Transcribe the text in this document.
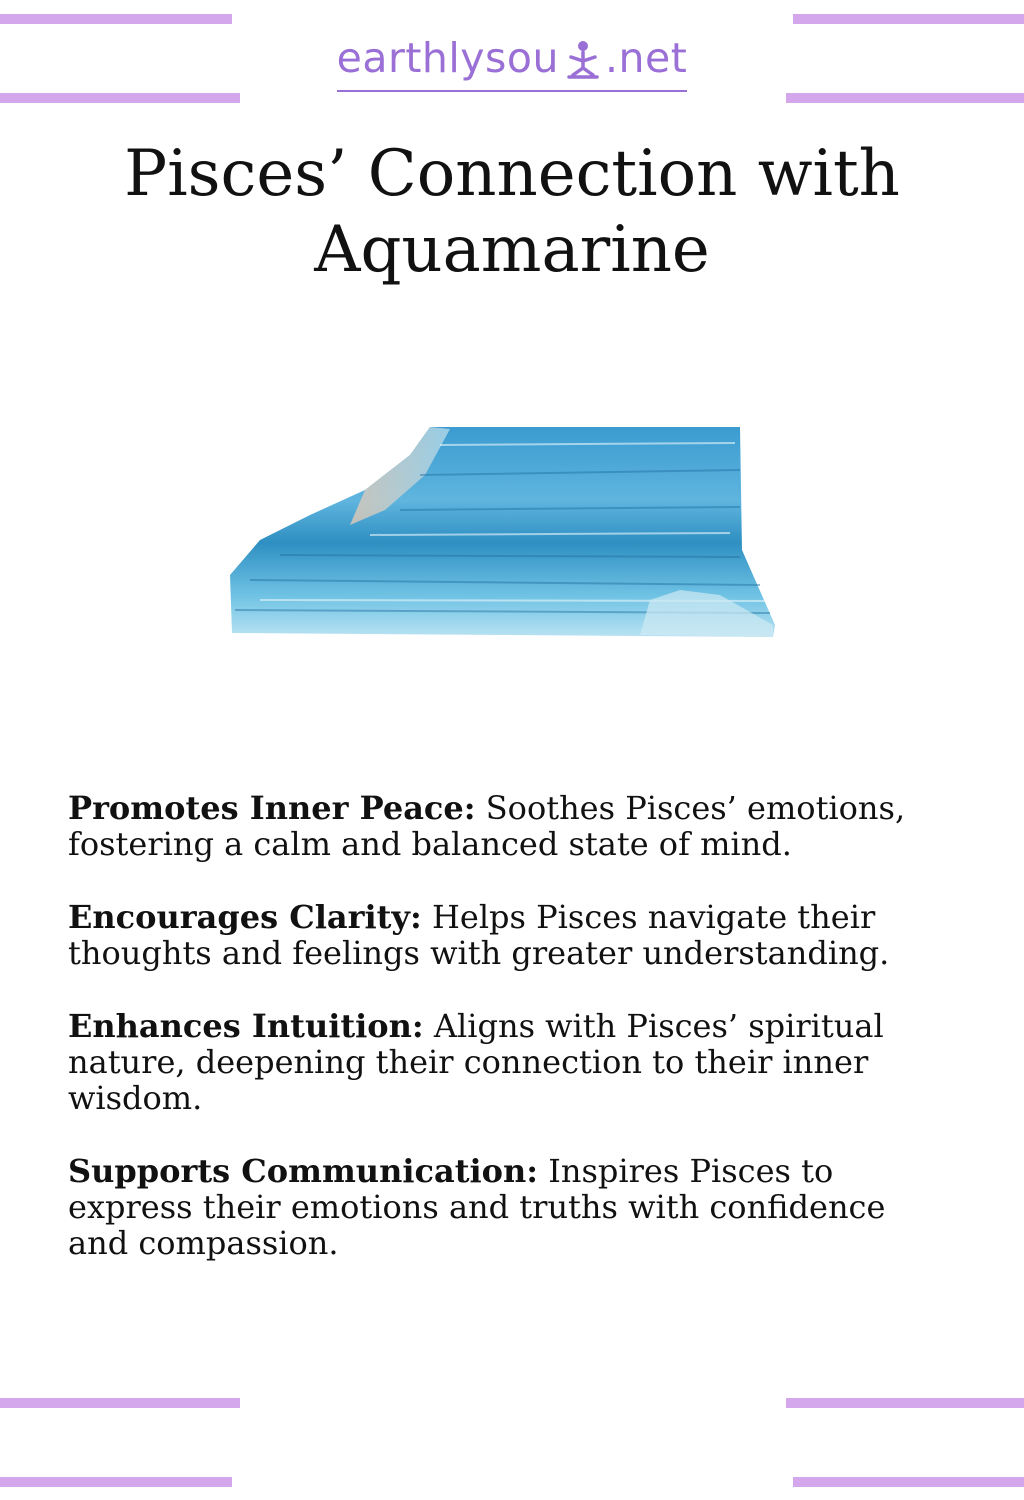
earthlysou .net
Pisces’ Connection with Aquamarine

Promotes Inner Peace: Soothes Pisces’ emotions, fostering a calm and balanced state of mind.

Encourages Clarity: Helps Pisces navigate their thoughts and feelings with greater understanding.

Enhances Intuition: Aligns with Pisces’ spiritual nature, deepening their connection to their inner wisdom.

Supports Communication: Inspires Pisces to express their emotions and truths with confidence and compassion.
